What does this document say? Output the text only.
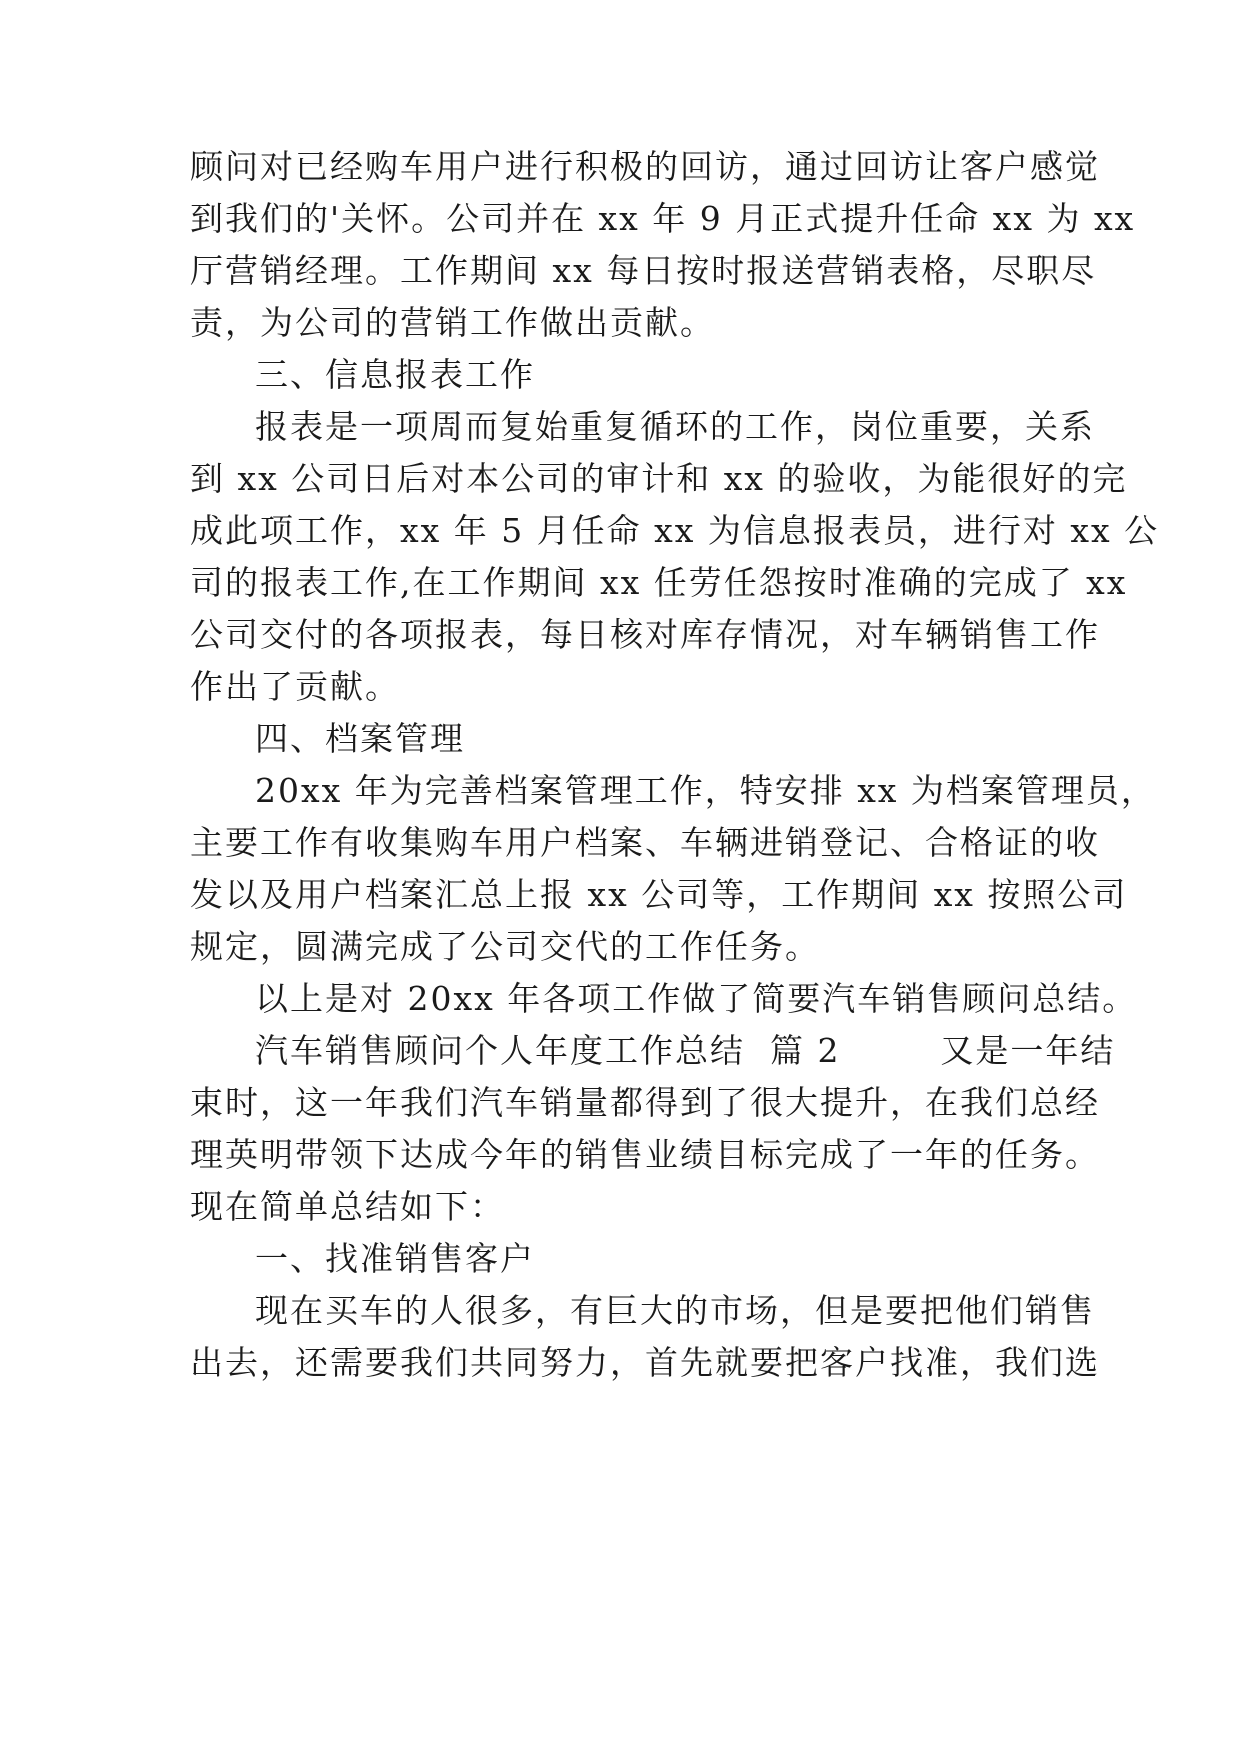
顾问对已经购车用户进行积极的回访，通过回访让客户感觉
到我们的'关怀。公司并在 xx 年 9 月正式提升任命 xx 为 xx
厅营销经理。工作期间 xx 每日按时报送营销表格，尽职尽
责，为公司的营销工作做出贡献。
三、信息报表工作
报表是一项周而复始重复循环的工作，岗位重要，关系
到 xx 公司日后对本公司的审计和 xx 的验收，为能很好的完
成此项工作，xx 年 5 月任命 xx 为信息报表员，进行对 xx 公
司的报表工作,在工作期间 xx 任劳任怨按时准确的完成了 xx
公司交付的各项报表，每日核对库存情况，对车辆销售工作
作出了贡献。
四、档案管理
20xx 年为完善档案管理工作，特安排 xx 为档案管理员，
主要工作有收集购车用户档案、车辆进销登记、合格证的收
发以及用户档案汇总上报 xx 公司等，工作期间 xx 按照公司
规定，圆满完成了公司交代的工作任务。
以上是对 20xx 年各项工作做了简要汽车销售顾问总结。
汽车销售顾问个人年度工作总结  篇 2        又是一年结
束时，这一年我们汽车销量都得到了很大提升，在我们总经
理英明带领下达成今年的销售业绩目标完成了一年的任务。
现在简单总结如下：
一、找准销售客户
现在买车的人很多，有巨大的市场，但是要把他们销售
出去，还需要我们共同努力，首先就要把客户找准，我们选
